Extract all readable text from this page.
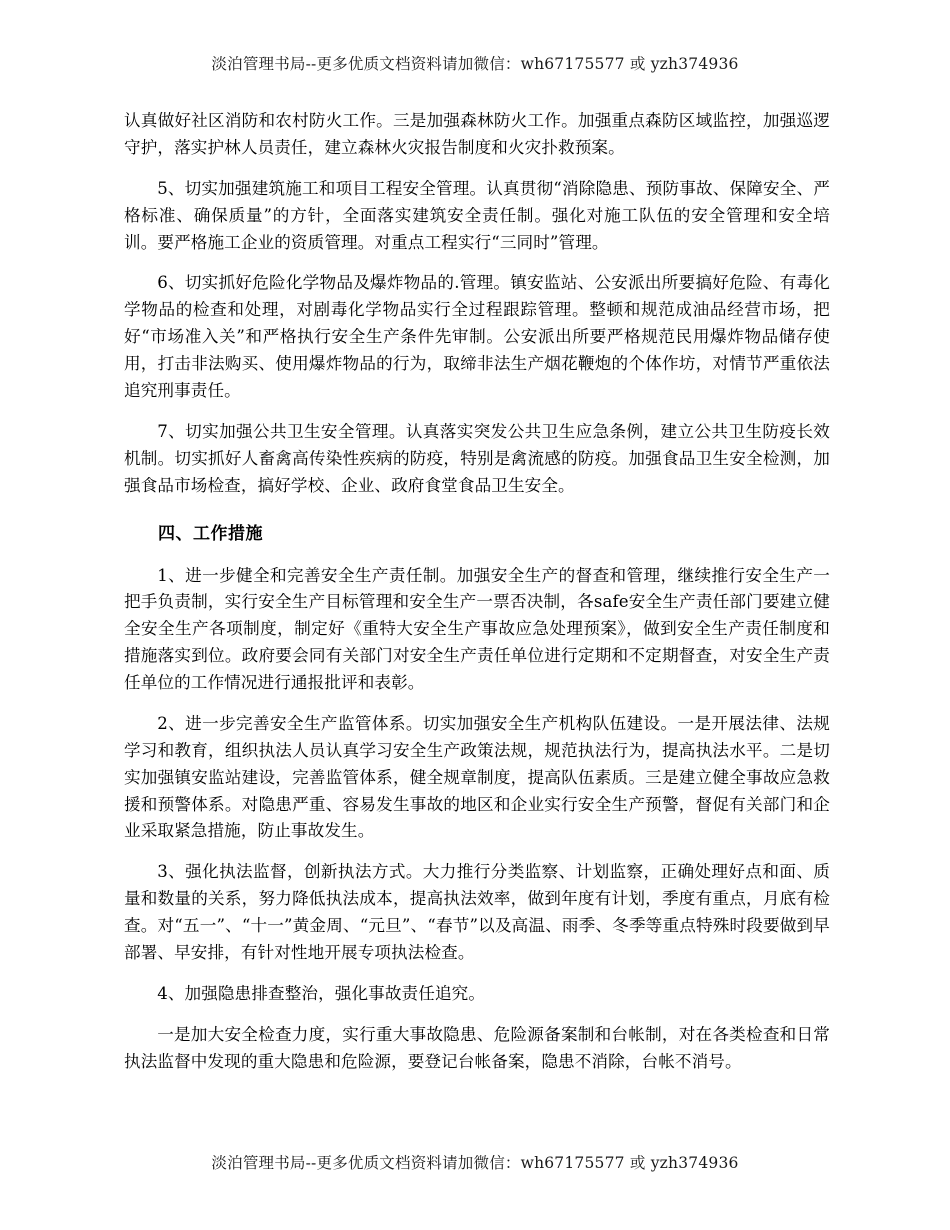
淡泊管理书局--更多优质文档资料请加微信：wh67175577 或 yzh374936

认真做好社区消防和农村防火工作。三是加强森林防火工作。加强重点森防区域监控，加强巡逻守护，落实护林人员责任，建立森林火灾报告制度和火灾扑救预案。

5、切实加强建筑施工和项目工程安全管理。认真贯彻“消除隐患、预防事故、保障安全、严格标准、确保质量”的方针，全面落实建筑安全责任制。强化对施工队伍的安全管理和安全培训。要严格施工企业的资质管理。对重点工程实行“三同时”管理。

6、切实抓好危险化学物品及爆炸物品的.管理。镇安监站、公安派出所要搞好危险、有毒化学物品的检查和处理，对剧毒化学物品实行全过程跟踪管理。整顿和规范成油品经营市场，把好“市场准入关”和严格执行安全生产条件先审制。公安派出所要严格规范民用爆炸物品储存使用，打击非法购买、使用爆炸物品的行为，取缔非法生产烟花鞭炮的个体作坊，对情节严重依法追究刑事责任。

7、切实加强公共卫生安全管理。认真落实突发公共卫生应急条例，建立公共卫生防疫长效机制。切实抓好人畜禽高传染性疾病的防疫，特别是禽流感的防疫。加强食品卫生安全检测，加强食品市场检查，搞好学校、企业、政府食堂食品卫生安全。

四、工作措施

1、进一步健全和完善安全生产责任制。加强安全生产的督查和管理，继续推行安全生产一把手负责制，实行安全生产目标管理和安全生产一票否决制，各safe安全生产责任部门要建立健全安全生产各项制度，制定好《重特大安全生产事故应急处理预案》，做到安全生产责任制度和措施落实到位。政府要会同有关部门对安全生产责任单位进行定期和不定期督查，对安全生产责任单位的工作情况进行通报批评和表彰。

2、进一步完善安全生产监管体系。切实加强安全生产机构队伍建设。一是开展法律、法规学习和教育，组织执法人员认真学习安全生产政策法规，规范执法行为，提高执法水平。二是切实加强镇安监站建设，完善监管体系，健全规章制度，提高队伍素质。三是建立健全事故应急救援和预警体系。对隐患严重、容易发生事故的地区和企业实行安全生产预警，督促有关部门和企业采取紧急措施，防止事故发生。

3、强化执法监督，创新执法方式。大力推行分类监察、计划监察，正确处理好点和面、质量和数量的关系，努力降低执法成本，提高执法效率，做到年度有计划，季度有重点，月底有检查。对“五一”、“十一”黄金周、“元旦”、“春节”以及高温、雨季、冬季等重点特殊时段要做到早部署、早安排，有针对性地开展专项执法检查。

4、加强隐患排查整治，强化事故责任追究。

一是加大安全检查力度，实行重大事故隐患、危险源备案制和台帐制，对在各类检查和日常执法监督中发现的重大隐患和危险源，要登记台帐备案，隐患不消除，台帐不消号。

淡泊管理书局--更多优质文档资料请加微信：wh67175577 或 yzh374936
